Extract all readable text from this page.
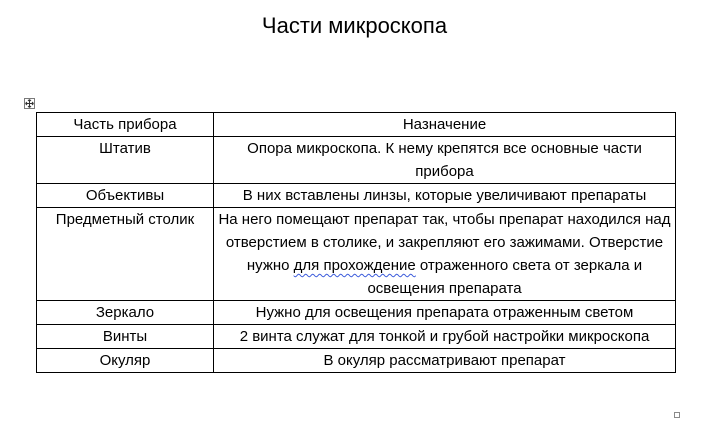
Части микроскопа
Часть прибора	Назначение
Штатив	Опора микроскопа. К нему крепятся все основные части прибора
Объективы	В них вставлены линзы, которые увеличивают препараты
Предметный столик	На него помещают препарат так, чтобы препарат находился над отверстием в столике, и закрепляют его зажимами. Отверстие нужно для прохождение отраженного света от зеркала и освещения препарата
Зеркало	Нужно для освещения препарата отраженным светом
Винты	2 винта служат для тонкой и грубой настройки микроскопа
Окуляр	В окуляр рассматривают препарат
